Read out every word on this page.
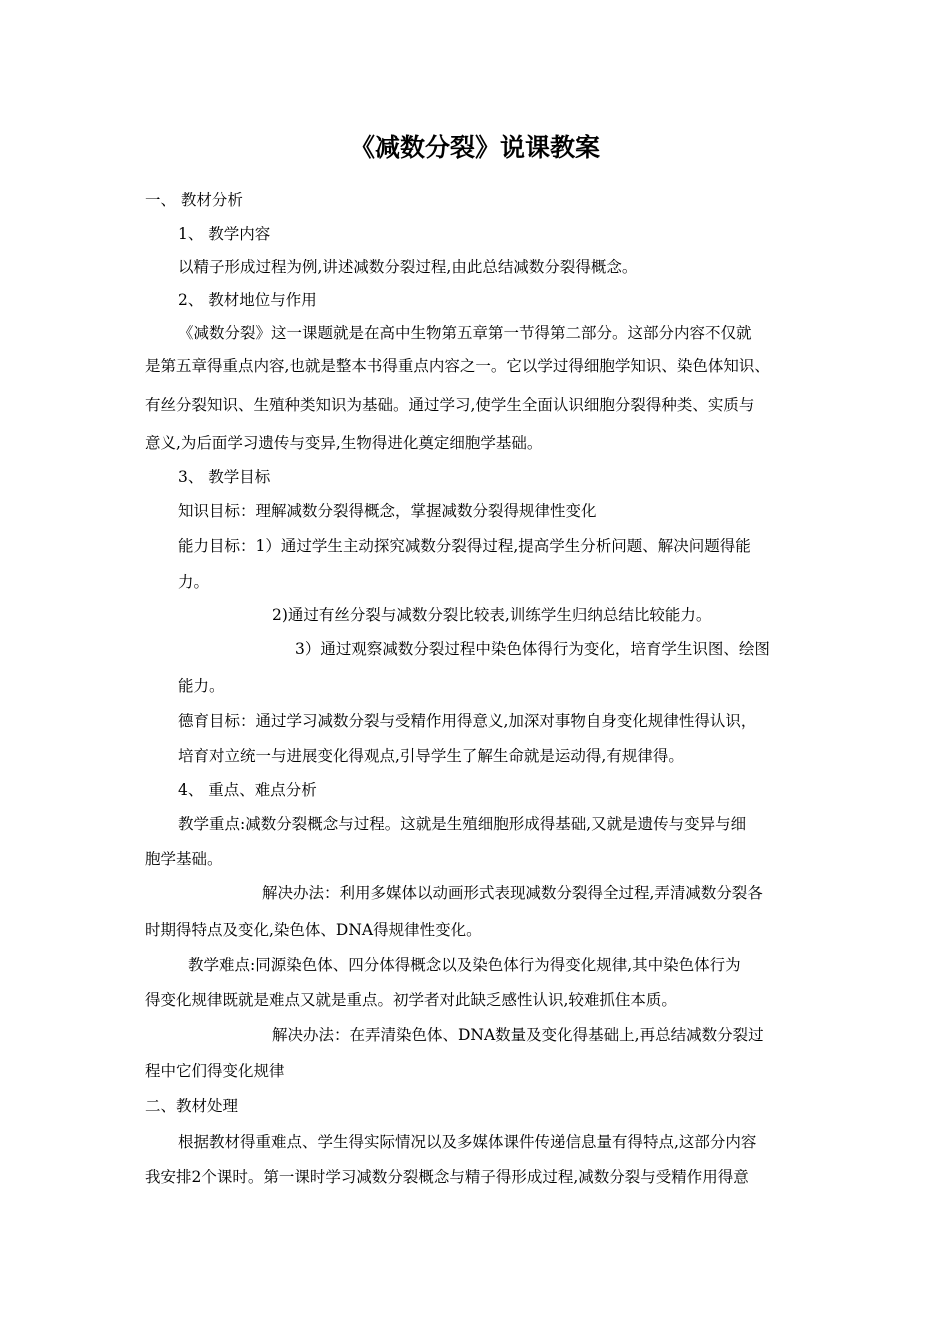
《减数分裂》说课教案

一、 教材分析

1、 教学内容

以精子形成过程为例,讲述减数分裂过程,由此总结减数分裂得概念。

2、 教材地位与作用

《减数分裂》这一课题就是在高中生物第五章第一节得第二部分。这部分内容不仅就

是第五章得重点内容,也就是整本书得重点内容之一。它以学过得细胞学知识、染色体知识、

有丝分裂知识、生殖种类知识为基础。通过学习,使学生全面认识细胞分裂得种类、实质与

意义,为后面学习遗传与变异,生物得进化奠定细胞学基础。

3、 教学目标

知识目标：理解减数分裂得概念，掌握减数分裂得规律性变化

能力目标：1）通过学生主动探究减数分裂得过程,提高学生分析问题、解决问题得能

力。

2)通过有丝分裂与减数分裂比较表,训练学生归纳总结比较能力。

3）通过观察减数分裂过程中染色体得行为变化，培育学生识图、绘图

能力。

德育目标：通过学习减数分裂与受精作用得意义,加深对事物自身变化规律性得认识，

培育对立统一与进展变化得观点,引导学生了解生命就是运动得,有规律得。

4、 重点、难点分析

教学重点:减数分裂概念与过程。这就是生殖细胞形成得基础,又就是遗传与变异与细

胞学基础。

解决办法：利用多媒体以动画形式表现减数分裂得全过程,弄清减数分裂各

时期得特点及变化,染色体、DNA得规律性变化。

教学难点:同源染色体、四分体得概念以及染色体行为得变化规律,其中染色体行为

得变化规律既就是难点又就是重点。初学者对此缺乏感性认识,较难抓住本质。

解决办法：在弄清染色体、DNA数量及变化得基础上,再总结减数分裂过

程中它们得变化规律

二、教材处理

根据教材得重难点、学生得实际情况以及多媒体课件传递信息量有得特点,这部分内容

我安排2个课时。第一课时学习减数分裂概念与精子得形成过程,减数分裂与受精作用得意
